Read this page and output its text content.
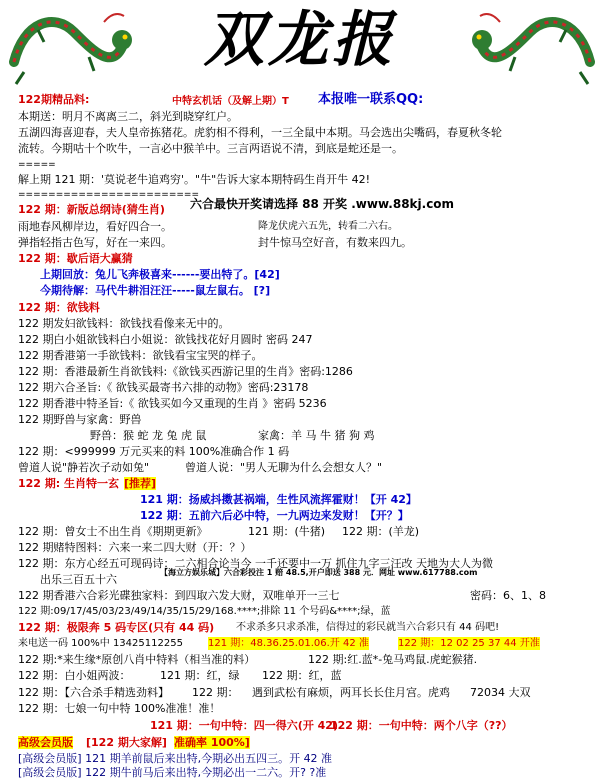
双龙报
122期精品料:	中特玄机话（及解上期）T 本报唯一联系QQ:
本期送：明月不离离三二，斜光到晓穿红户。
五湖四海喜迎春，夫人皇帝拣猪花。虎豹相不得利，一三全鼠中本期。马会选出尖嘴码，春夏秋冬轮
流转。今期咕十个吹牛，一言必中猴羊中。三言两语说不清，到底是蛇还是一。
=====
解上期 121 期：'莫说老牛追鸡穷'。"牛"告诉大家本期特码生肖开牛 42!
========================
122 期：新版总纲诗(猜生肖) 六合最快开奖请选择 88 开奖 .www.88kj.com
雨地春风柳岸边，看好四合一。	降龙伏虎六五先，转看二六右。
弹指轻指古色写，好在一来四。	封牛惊马空好音，有数来四九。
122 期：歇后语大赢猜
上期回放：兔儿飞奔极喜来------要出特了。[42]
今期待解：马代牛耕泪汪汪-----鼠左鼠右。 [?]
122 期：欲钱料
122 期发妇欲钱料：欲钱找看像来无中的。
122 期白小姐欲钱料白小姐说：欲钱找花好月圆时 密码 247
122 期香港第一手欲钱料：欲钱看宝宝哭的样子。
122 期：香港最新生肖欲钱料:《欲钱买西游记里的生肖》密码:1286
122 期六合圣旨:《 欲钱买最寄书六排的动物》密码:23178
122 期香港中特圣旨:《 欲钱买如今又重现的生肖 》密码 5236
122 期野兽与家禽：野兽
野兽：猴 蛇 龙 兔 虎 鼠	家禽：羊 马 牛 猪 狗 鸡
122 期：<999999 万元买来的料 100%准确合作 1 码
曾道人说"静若次子动如兔"	曾道人说："男人无聊为什么会想女人？"
122 期: 生肖特一玄 [推荐]
121 期：扬威抖擞甚祸端，生性风流挥霍财！【开 42】
122 期：五前六后必中特，一九两边来发财！【开？】
122 期：曾女士不出生肖《期期更新》	121 期：(牛猪) 122 期：(羊龙)
122 期赌特图料：六来一来二四大财（开：？）
122 期：东方心经五可现码诗：二六相合论当今 一千还要中一万 抓住九字三汪改 天地为大人为微
出乐三百五十六
【海立方娱乐城】六合彩投注 1 赔 48.5,开户即送 388 元．网址 www.617788.com
122 期香港六合彩光碟独家料：到四取六发大财，双唯单开一三七	密码：6、1、8
122 期:09/17/45/03/23/49/14/35/15/29/168.****;排除 11 个号码&****;绿，蓝
122 期：极限奔 5 码专区(只有 44 码) 不求杀多只求杀准，信得过的彩民就当六合彩只有 44 码吧!
来电送一码 100%中 13425112255	121 期：48.36.25.01.06.开 42 准	122 期：12 02 25 37 44 开准
122 期:*来生缘*原创八肖中特料（相当准的料）	122 期:红.蓝*-兔马鸡鼠.虎蛇猴猪.
122 期：白小姐两波：	121 期：红，绿 122 期：红，蓝
122 期：【六合杀手精选劲料】 122 期： 遇到武松有麻烦，两耳长长住月宫。 虎鸡 72034 大双
122 期：七娘一句中特 100%准准！准！
121 期：一句中特：四一得六(开 42)
122 期：一句中特：两个八字（??）
高级会员版 [122 期大家解] 准确率 100%]
[高级会员版] 121 期羊前鼠后来出特,今期必出五四三。开 42 准
[高级会员版] 122 期牛前马后来出特,今期必出一二六。开? ?准
